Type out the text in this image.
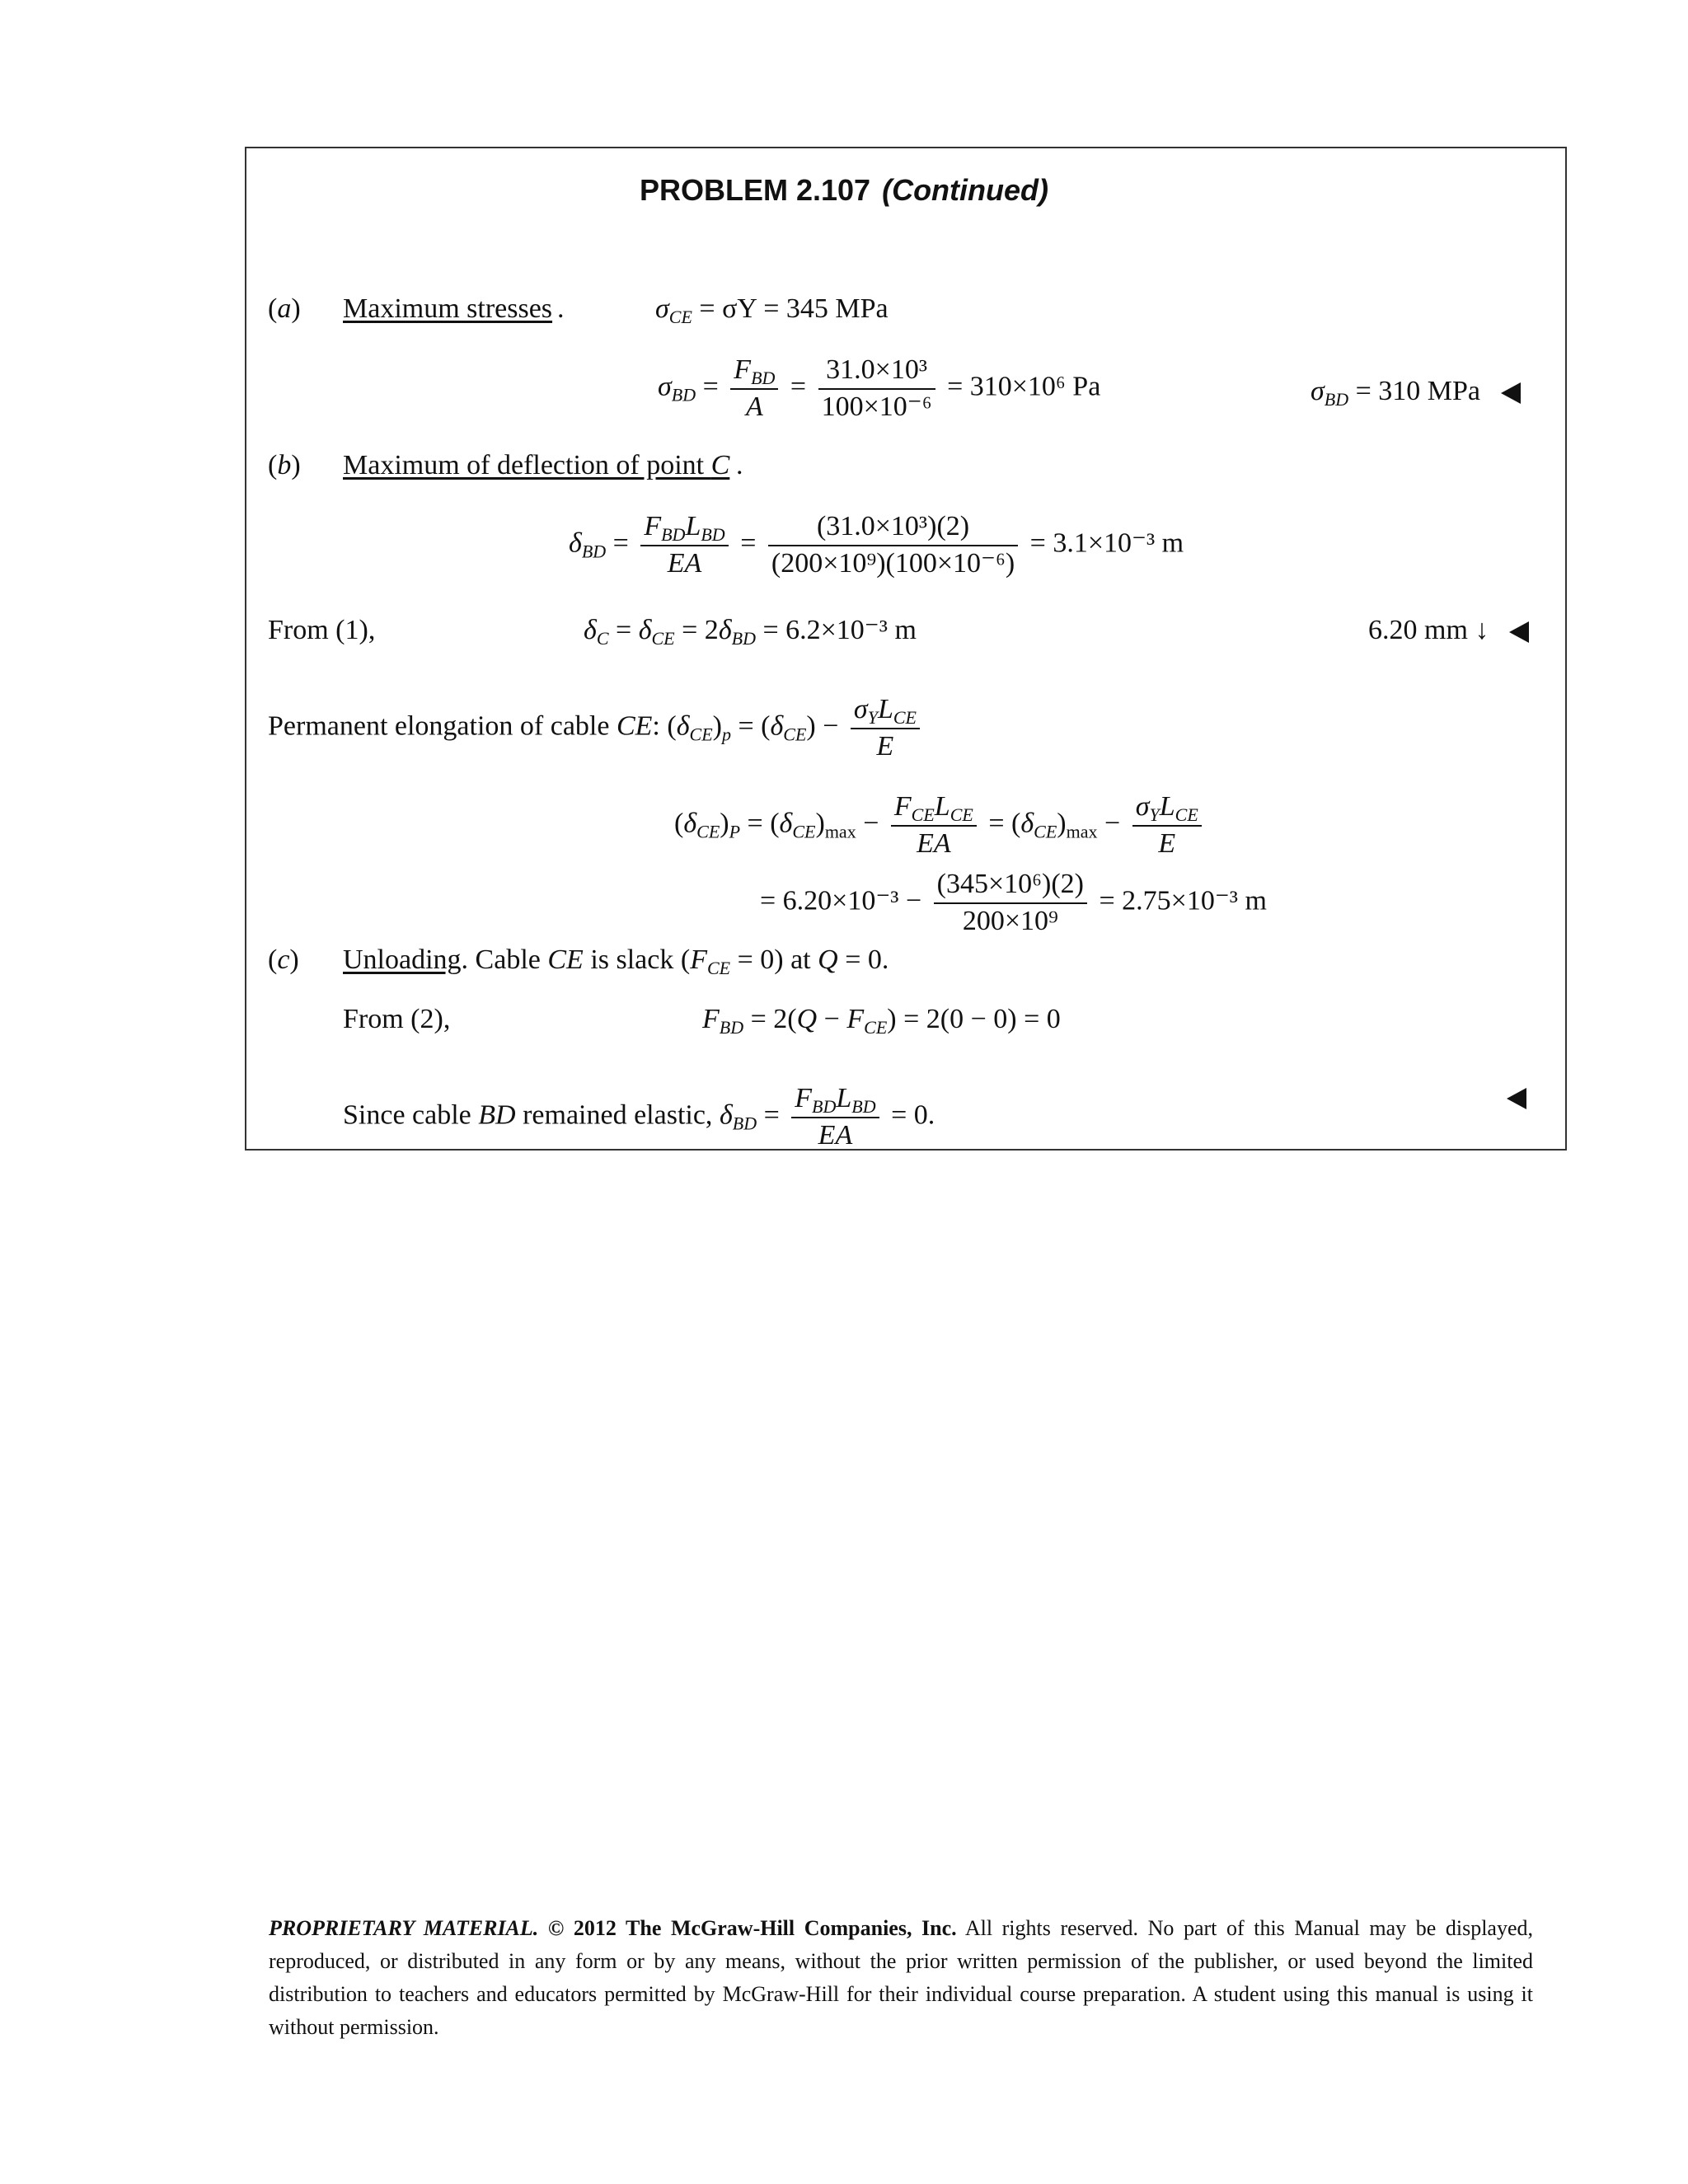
PROBLEM 2.107 (Continued)
(a) Maximum stresses .	$\sigma_{CE} = \sigma Y = 345$ MPa
$\sigma_{BD} = \frac{F_{BD}}{A} = \frac{\text{31.0×10³}}{\text{100×10⁻⁶}} = 310\times 10^6$ Pa	$\sigma_{BD} = 310$ MPa
(b) Maximum of deflection of point C .
$\delta_{BD} = \frac{F_{BD}L_{BD}}{EA} = \frac{\text{(31.0×10³)(2)}}{\text{(200×10⁹)(100×10⁻⁶)}} = 3.1\times 10^{-3}$ m
From (1),	$\delta_C = \delta_{CE} = 2\delta_{BD} = 6.2\times 10^{-3}$ m	6.20 mm ↓
Permanent elongation of cable CE: $(\delta_{CE})_p = (\delta_{CE}) - \frac{\sigma_YL_{CE}}{E}$
$(\delta_{CE})_P = (\delta_{CE})_{max} - \frac{F_{CE}L_{CE}}{EA} = (\delta_{CE})_{max} - \frac{\sigma_YL_{CE}}{E}$
= $6.20\times 10^{-3} - \frac{\text{(345×10⁶)(2)}}{\text{200×10⁹}} = 2.75\times 10^{-3}$ m
(c) Unloading. Cable CE is slack $(F_{CE} = 0)$ at Q = 0.
From (2),	$F_{BD} = 2(Q - F_{CE}) = 2(0 - 0) = 0$
Since cable BD remained elastic, $\delta_{BD} = \frac{F_{BD}L_{BD}}{EA} = 0$.
PROPRIETARY MATERIAL. © 2012 The McGraw-Hill Companies, Inc. All rights reserved. No part of this Manual may be displayed, reproduced, or distributed in any form or by any means, without the prior written permission of the publisher, or used beyond the limited distribution to teachers and educators permitted by McGraw-Hill for their individual course preparation. A student using this manual is using it without permission.
